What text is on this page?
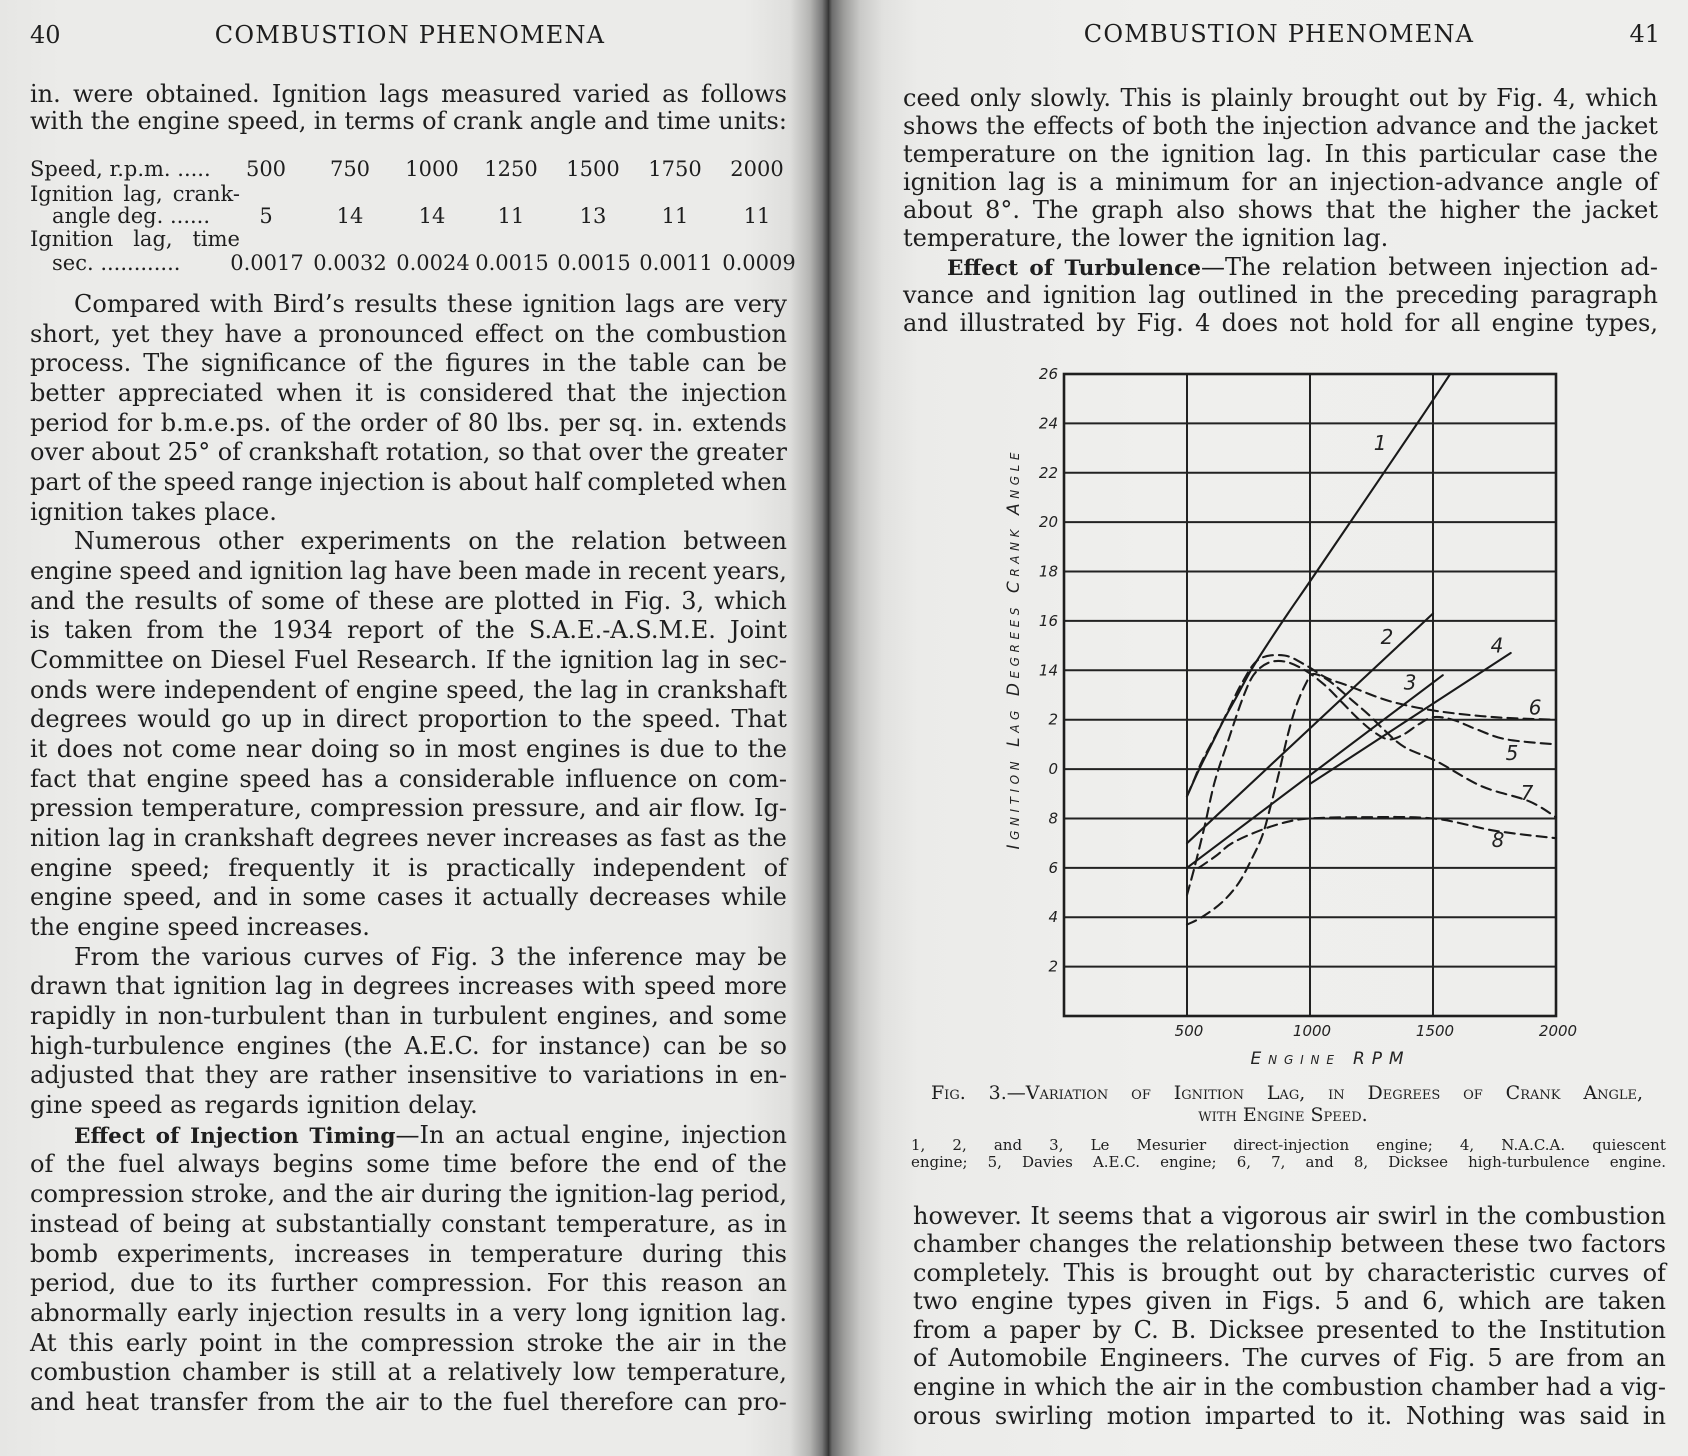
40	COMBUSTION PHENOMENA
in. were obtained. Ignition lags measured varied as follows
with the engine speed, in terms of crank angle and time units:
Speed, r.p.m. .....	500	750	1000	1250	1500	1750	2000
Ignition lag, crank-
angle deg. ......	5	14	14	11	13	11	11
Ignition lag, time
sec. ............ 0.0017 0.0032 0.0024 0.0015 0.0015 0.0011 0.0009
Compared with Bird’s results these ignition lags are very
short, yet they have a pronounced effect on the combustion
process. The significance of the figures in the table can be
better appreciated when it is considered that the injection
period for b.m.e.ps. of the order of 80 lbs. per sq. in. extends
over about 25° of crankshaft rotation, so that over the greater
part of the speed range injection is about half completed when
ignition takes place.
Numerous other experiments on the relation between
engine speed and ignition lag have been made in recent years,
and the results of some of these are plotted in Fig. 3, which
is taken from the 1934 report of the S.A.E.-A.S.M.E. Joint
Committee on Diesel Fuel Research. If the ignition lag in sec-
onds were independent of engine speed, the lag in crankshaft
degrees would go up in direct proportion to the speed. That
it does not come near doing so in most engines is due to the
fact that engine speed has a considerable influence on com-
pression temperature, compression pressure, and air flow. Ig-
nition lag in crankshaft degrees never increases as fast as the
engine speed; frequently it is practically independent of
engine speed, and in some cases it actually decreases while
the engine speed increases.
From the various curves of Fig. 3 the inference may be
drawn that ignition lag in degrees increases with speed more
rapidly in non-turbulent than in turbulent engines, and some
high-turbulence engines (the A.E.C. for instance) can be so
adjusted that they are rather insensitive to variations in en-
gine speed as regards ignition delay.
Effect of Injection Timing—In an actual engine, injection
of the fuel always begins some time before the end of the
compression stroke, and the air during the ignition-lag period,
instead of being at substantially constant temperature, as in
bomb experiments, increases in temperature during this
period, due to its further compression. For this reason an
abnormally early injection results in a very long ignition lag.
At this early point in the compression stroke the air in the
combustion chamber is still at a relatively low temperature,
and heat transfer from the air to the fuel therefore can pro-
COMBUSTION PHENOMENA	41
ceed only slowly. This is plainly brought out by Fig. 4, which
shows the effects of both the injection advance and the jacket
temperature on the ignition lag. In this particular case the
ignition lag is a minimum for an injection-advance angle of
about 8°. The graph also shows that the higher the jacket
temperature, the lower the ignition lag.
Effect of Turbulence—The relation between injection ad-
vance and ignition lag outlined in the preceding paragraph
and illustrated by Fig. 4 does not hold for all engine types,
2
4
6
8
0
2
14
16
18
20
22
24
26
500	1000	1500	2000
1
2
3
4
5
6
7
8
Engine RPM
Ignition Lag Degrees Crank Angle
Fig. 3.—Variation of Ignition Lag, in Degrees of Crank Angle,
with Engine Speed.
1, 2, and 3, Le Mesurier direct-injection engine; 4, N.A.C.A. quiescent
engine; 5, Davies A.E.C. engine; 6, 7, and 8, Dicksee high-turbulence engine.
however. It seems that a vigorous air swirl in the combustion
chamber changes the relationship between these two factors
completely. This is brought out by characteristic curves of
two engine types given in Figs. 5 and 6, which are taken
from a paper by C. B. Dicksee presented to the Institution
of Automobile Engineers. The curves of Fig. 5 are from an
engine in which the air in the combustion chamber had a vig-
orous swirling motion imparted to it. Nothing was said in
